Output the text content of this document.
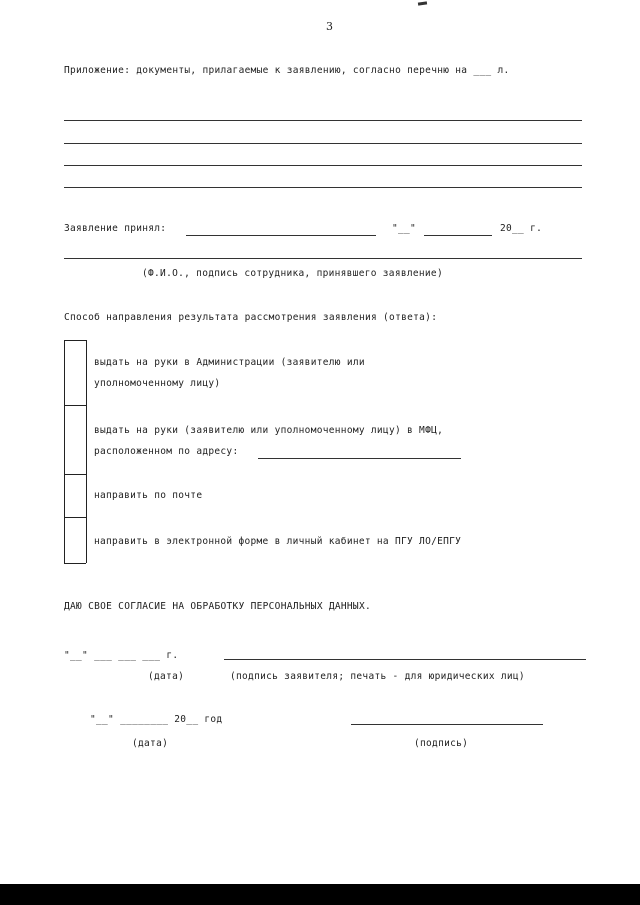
3
Приложение: документы, прилагаемые к заявлению, согласно перечню на ___ л.
Заявление принял:	"__"	20__ г.
(Ф.И.О., подпись сотрудника, принявшего заявление)
Способ направления результата рассмотрения заявления (ответа):
выдать на руки в Администрации (заявителю или
уполномоченному лицу)
выдать на руки (заявителю или уполномоченному лицу) в МФЦ,
расположенном по адресу:
направить по почте
направить в электронной форме в личный кабинет на ПГУ ЛО/ЕПГУ
ДАЮ СВОЕ СОГЛАСИЕ НА ОБРАБОТКУ ПЕРСОНАЛЬНЫХ ДАННЫХ.
"__" ___ ___ ___ г.
(дата)	(подпись заявителя; печать - для юридических лиц)
"__" ________ 20__ год
(дата)	(подпись)
